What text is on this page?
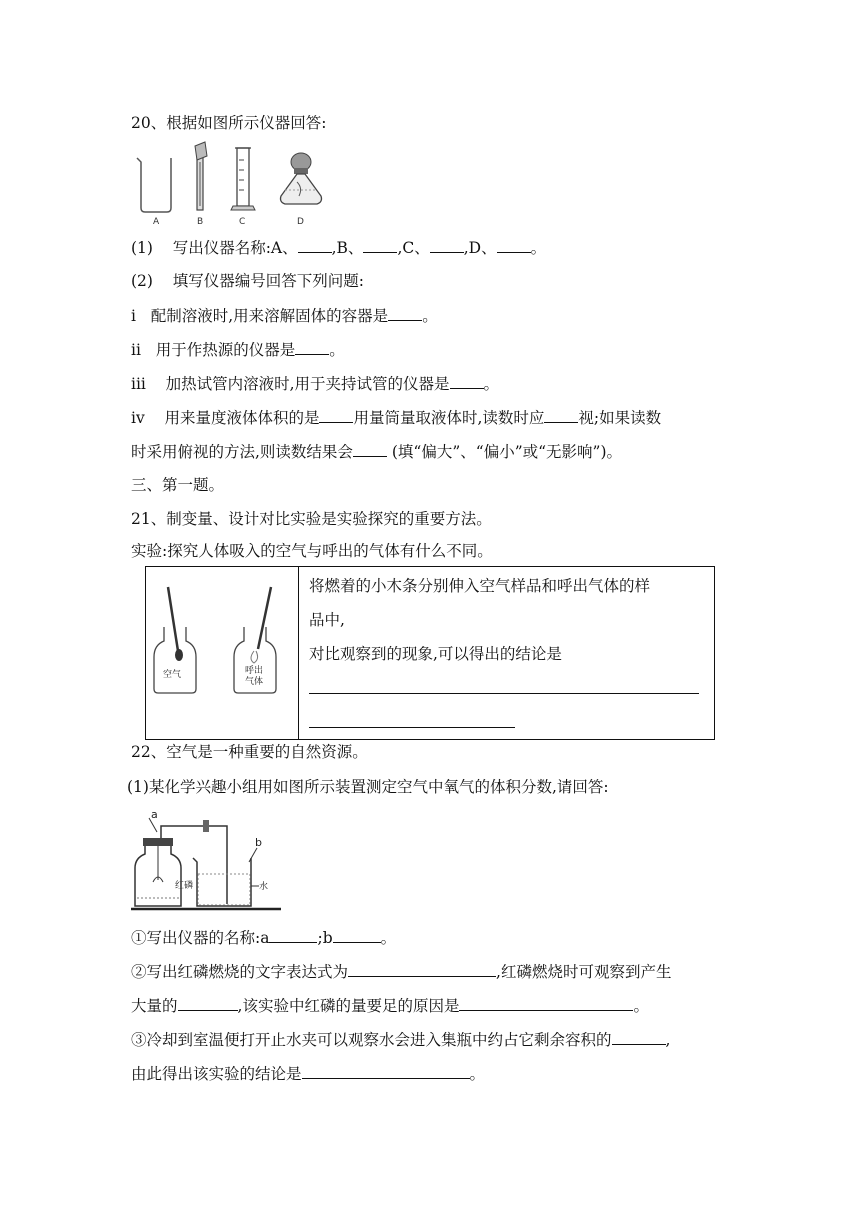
20、根据如图所示仪器回答:
A	B	C	D
(1) 写出仪器名称:A、 ,B、 ,C、 ,D、 。
(2) 填写仪器编号回答下列问题:
i 配制溶液时,用来溶解固体的容器是 。
ii 用于作热源的仪器是 。
iii 加热试管内溶液时,用于夹持试管的仪器是 。
iv 用来量度液体体积的是 用量筒量取液体时,读数时应 视;如果读数
时采用俯视的方法,则读数结果会	(填“偏大”、“偏小”或“无影响”)。
三、第一题。
21、制变量、设计对比实验是实验探究的重要方法。
实验:探究人体吸入的空气与呼出的气体有什么不同。
空气	呼出
气体

将燃着的小木条分别伸入空气样品和呼出气体的样
品中,
对比观察到的现象,可以得出的结论是
22、空气是一种重要的自然资源。
(1)某化学兴趣小组用如图所示装置测定空气中氧气的体积分数,请回答:
a
b
红磷	水
①写出仪器的名称:a	;b	。
②写出红磷燃烧的文字表达式为	,红磷燃烧时可观察到产生
大量的	,该实验中红磷的量要足的原因是	。
③冷却到室温便打开止水夹可以观察水会进入集瓶中约占它剩余容积的	,
由此得出该实验的结论是	。
